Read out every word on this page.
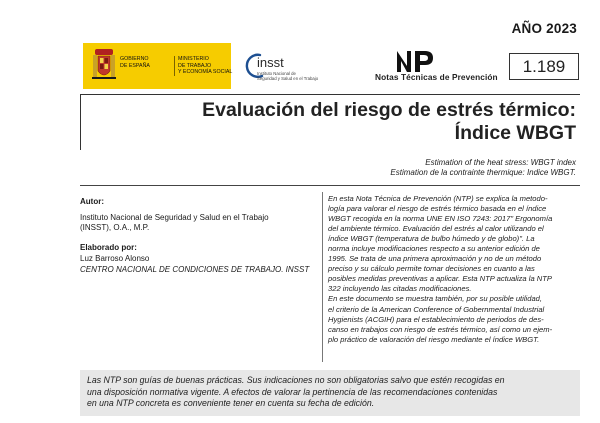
AÑO 2023
GOBIERNO
DE ESPAÑA
MINISTERIO
DE TRABAJO
Y ECONOMÍA SOCIAL
insst
Instituto Nacional de
Seguridad y Salud en el Trabajo	Notas Técnicas de Prevención
1.189
Evaluación del riesgo de estrés térmico:
Índice WBGT
Estimation of the heat stress: WBGT index
Estimation de la contrainte thermique: Indice WBGT.
Autor:
Instituto Nacional de Seguridad y Salud en el Trabajo
(INSST), O.A., M.P.
Elaborado por:
Luz Barroso Alonso
CENTRO NACIONAL DE CONDICIONES DE TRABAJO. INSST

En esta Nota Técnica de Prevención (NTP) se explica la metodo-
logía para valorar el riesgo de estrés térmico basada en el índice
WBGT recogida en la norma UNE EN ISO 7243: 2017" Ergonomía
del ambiente térmico. Evaluación del estrés al calor utilizando el
índice WBGT (temperatura de bulbo húmedo y de globo)". La
norma incluye modificaciones respecto a su anterior edición de
1995. Se trata de una primera aproximación y no de un método
preciso y su cálculo permite tomar decisiones en cuanto a las
posibles medidas preventivas a aplicar. Esta NTP actualiza la NTP
322 incluyendo las citadas modificaciones.

En este documento se muestra también, por su posible utilidad,
el criterio de la American Conference of Gobernmental Industrial
Hygienists (ACGIH) para el establecimiento de periodos de des-
canso en trabajos con riesgo de estrés térmico, así como un ejem-
plo práctico de valoración del riesgo mediante el índice WBGT.

Las NTP son guías de buenas prácticas. Sus indicaciones no son obligatorias salvo que estén recogidas en
una disposición normativa vigente. A efectos de valorar la pertinencia de las recomendaciones contenidas
en una NTP concreta es conveniente tener en cuenta su fecha de edición.
